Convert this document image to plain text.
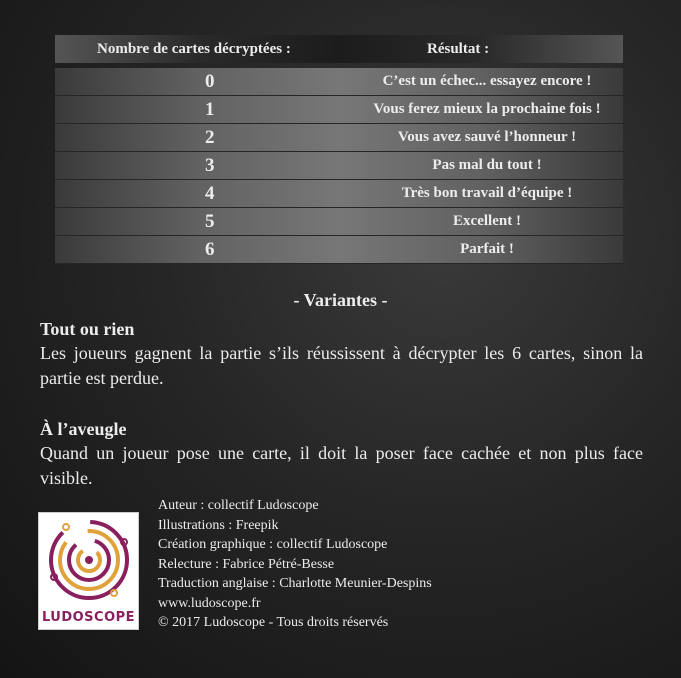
Nombre de cartes décryptées :	Résultat :
0	C’est un échec... essayez encore !
1	Vous ferez mieux la prochaine fois !
2	Vous avez sauvé l’honneur !
3	Pas mal du tout !
4	Très bon travail d’équipe !
5	Excellent !
6	Parfait !
- Variantes -
Tout ou rien
Les joueurs gagnent la partie s’ils réussissent à décrypter les 6 cartes, sinon la partie est perdue.
À l’aveugle
Quand un joueur pose une carte, il doit la poser face cachée et non plus face visible.
LUDOSCOPE
Auteur : collectif Ludoscope
Illustrations : Freepik
Création graphique : collectif Ludoscope
Relecture : Fabrice Pétré-Besse
Traduction anglaise : Charlotte Meunier-Despins
www.ludoscope.fr
© 2017 Ludoscope - Tous droits réservés
